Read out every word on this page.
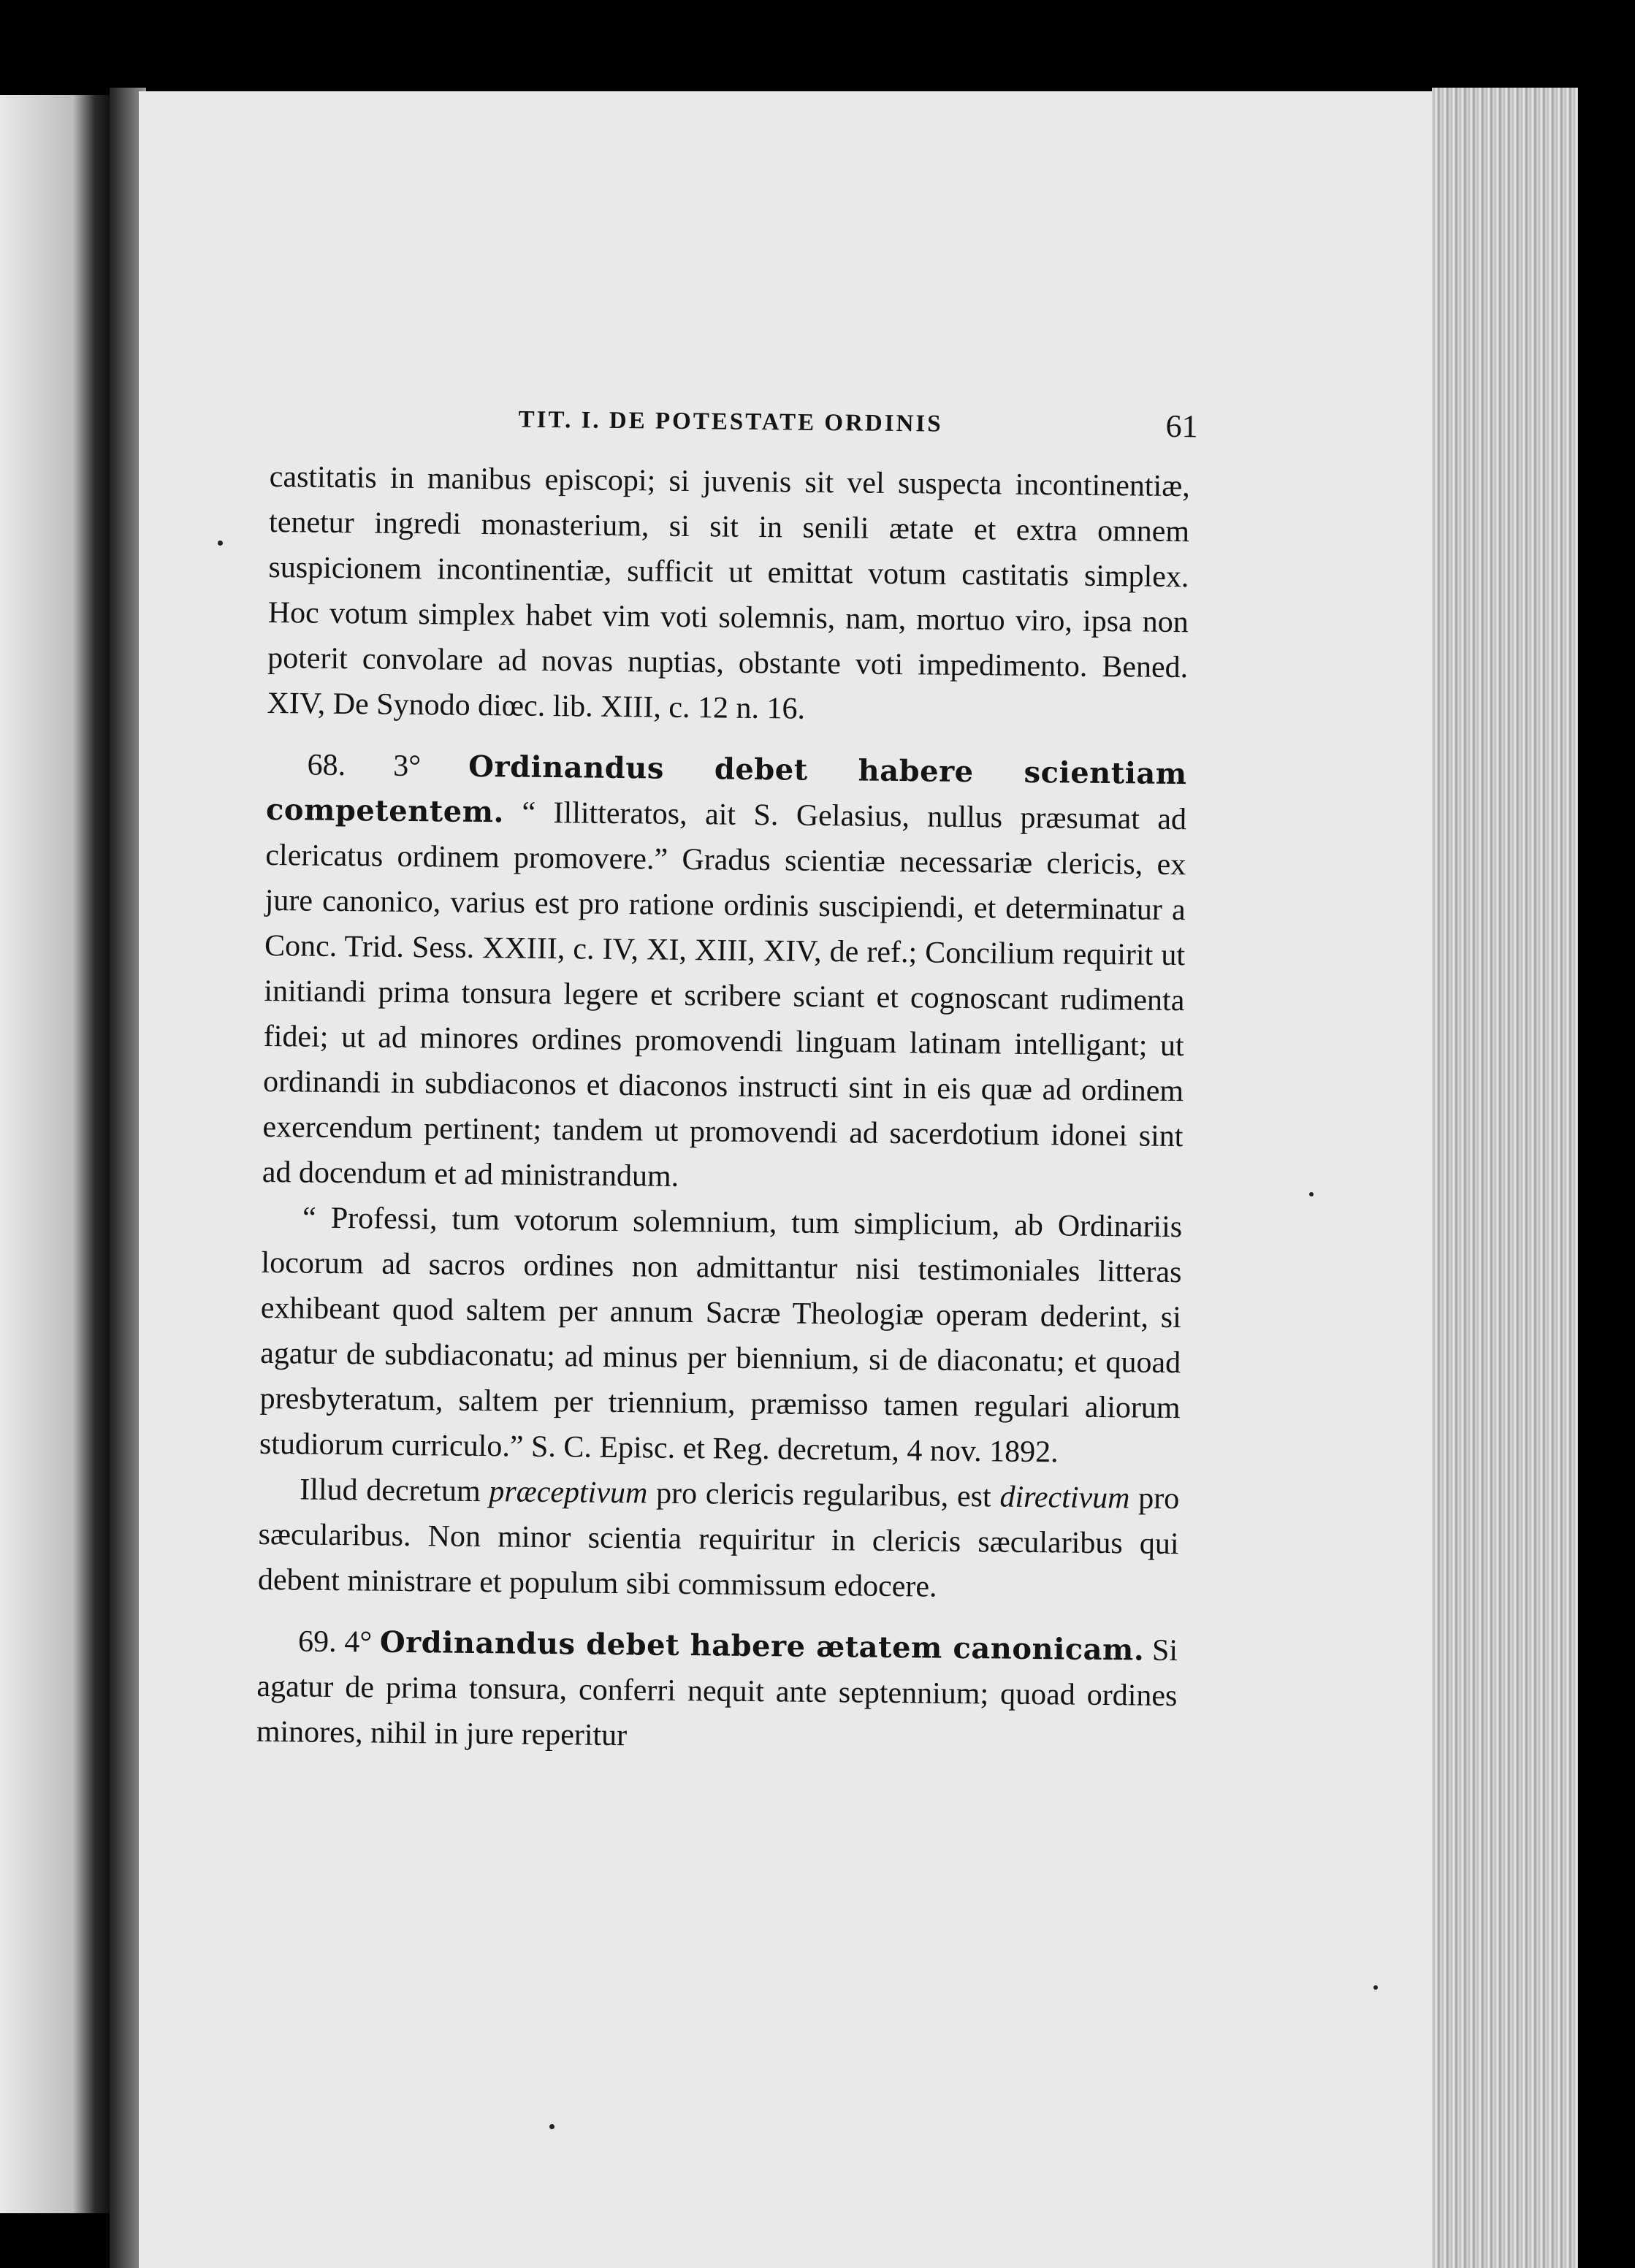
TIT. I. DE POTESTATE ORDINIS	61

castitatis in manibus episcopi; si juvenis sit vel suspecta incontinentiæ, tenetur ingredi monasterium, si sit in senili ætate et extra omnem suspicionem incontinentiæ, sufficit ut emittat votum castitatis simplex. Hoc votum simplex habet vim voti solemnis, nam, mortuo viro, ipsa non poterit convolare ad novas nuptias, obstante voti impedimento. Bened. XIV, De Synodo diœc. lib. XIII, c. 12 n. 16.

68. 3° Ordinandus debet habere scientiam competentem. “ Illitteratos, ait S. Gelasius, nullus præsumat ad clericatus ordinem promovere.” Gradus scientiæ necessariæ clericis, ex jure canonico, varius est pro ratione ordinis suscipiendi, et determinatur a Conc. Trid. Sess. XXIII, c. IV, XI, XIII, XIV, de ref.; Concilium requirit ut initiandi prima tonsura legere et scribere sciant et cognoscant rudimenta fidei; ut ad minores ordines promovendi linguam latinam intelligant; ut ordinandi in subdiaconos et diaconos instructi sint in eis quæ ad ordinem exercendum pertinent; tandem ut promovendi ad sacerdotium idonei sint ad docendum et ad ministrandum.

“ Professi, tum votorum solemnium, tum simplicium, ab Ordinariis locorum ad sacros ordines non admittantur nisi testimoniales litteras exhibeant quod saltem per annum Sacræ Theologiæ operam dederint, si agatur de subdiaconatu; ad minus per biennium, si de diaconatu; et quoad presbyteratum, saltem per triennium, præmisso tamen regulari aliorum studiorum curriculo.” S. C. Episc. et Reg. decretum, 4 nov. 1892.

Illud decretum præceptivum pro clericis regularibus, est directivum pro sæcularibus. Non minor scientia requiritur in clericis sæcularibus qui debent ministrare et populum sibi commissum edocere.

69. 4° Ordinandus debet habere ætatem canonicam. Si agatur de prima tonsura, conferri nequit ante septennium; quoad ordines minores, nihil in jure reperitur
